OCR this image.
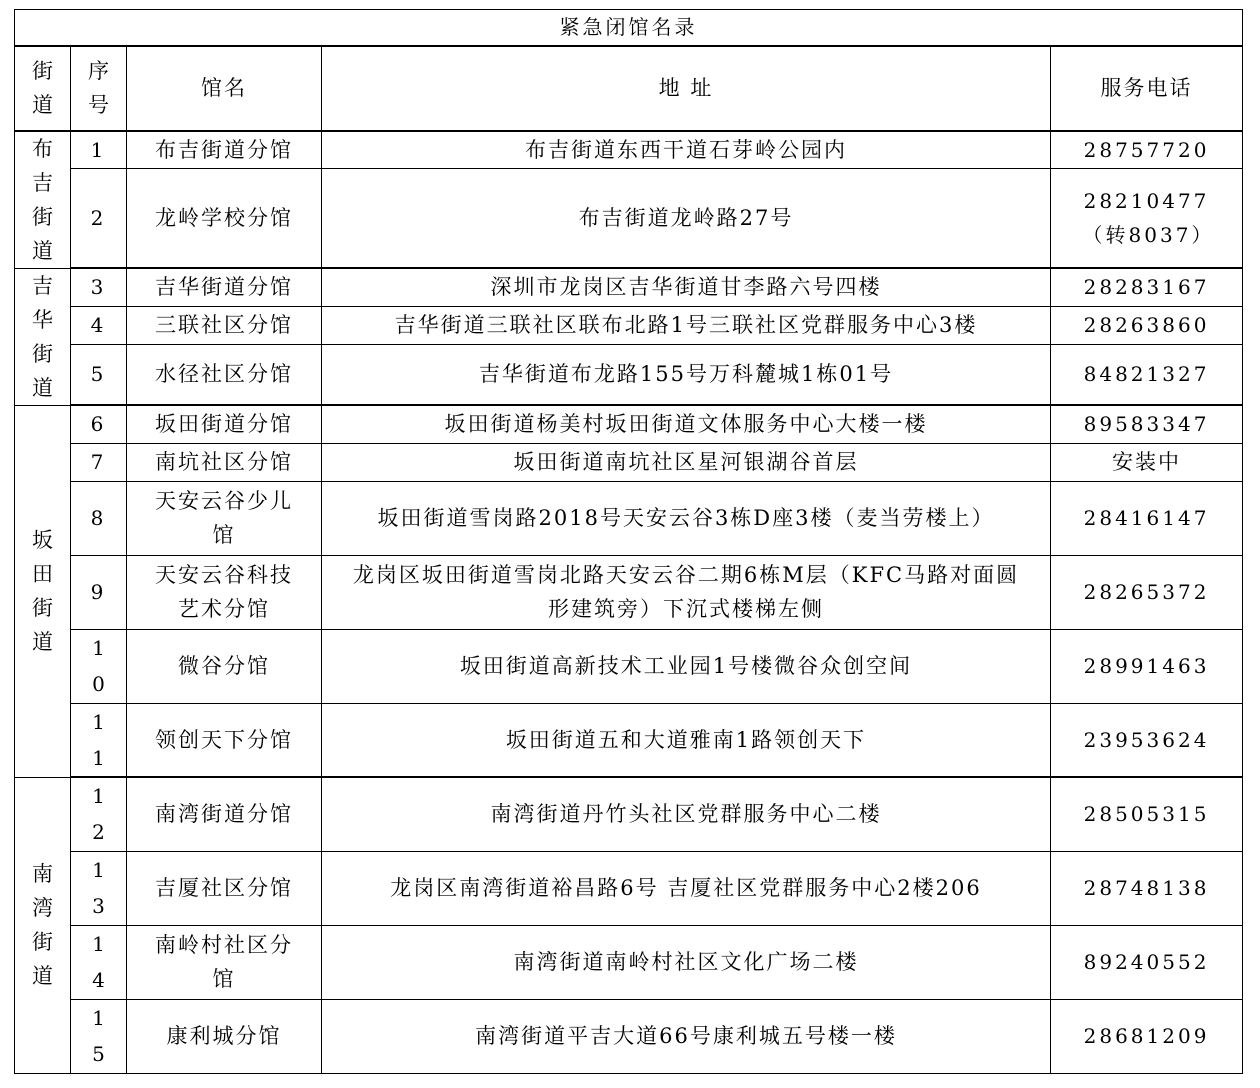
紧急闭馆名录				

街道	序号	馆名	地 址	服务电话

布吉街道	1	布吉街道分馆	布吉街道东西干道石芽岭公园内	28757720
	2	龙岭学校分馆	布吉街道龙岭路27号	28210477（转8037）

吉华街道	3	吉华街道分馆	深圳市龙岗区吉华街道甘李路六号四楼	28283167
	4	三联社区分馆	吉华街道三联社区联布北路1号三联社区党群服务中心3楼	28263860
	5	水径社区分馆	吉华街道布龙路155号万科麓城1栋01号	84821327

坂田街道	6	坂田街道分馆	坂田街道杨美村坂田街道文体服务中心大楼一楼	89583347
	7	南坑社区分馆	坂田街道南坑社区星河银湖谷首层	安装中
	8	天安云谷少儿馆	坂田街道雪岗路2018号天安云谷3栋D座3楼（麦当劳楼上）	28416147
	9	天安云谷科技艺术分馆	龙岗区坂田街道雪岗北路天安云谷二期6栋M层（KFC马路对面圆形建筑旁）下沉式楼梯左侧	28265372

	10	微谷分馆	坂田街道高新技术工业园1号楼微谷众创空间	28991463

	11	领创天下分馆	坂田街道五和大道雅南1路领创天下	23953624

南湾街道	12	南湾街道分馆	南湾街道丹竹头社区党群服务中心二楼	28505315

	13	吉厦社区分馆	龙岗区南湾街道裕昌路6号 吉厦社区党群服务中心2楼206	28748138

	14	南岭村社区分馆	南湾街道南岭村社区文化广场二楼	89240552

	15	康利城分馆	南湾街道平吉大道66号康利城五号楼一楼	28681209
